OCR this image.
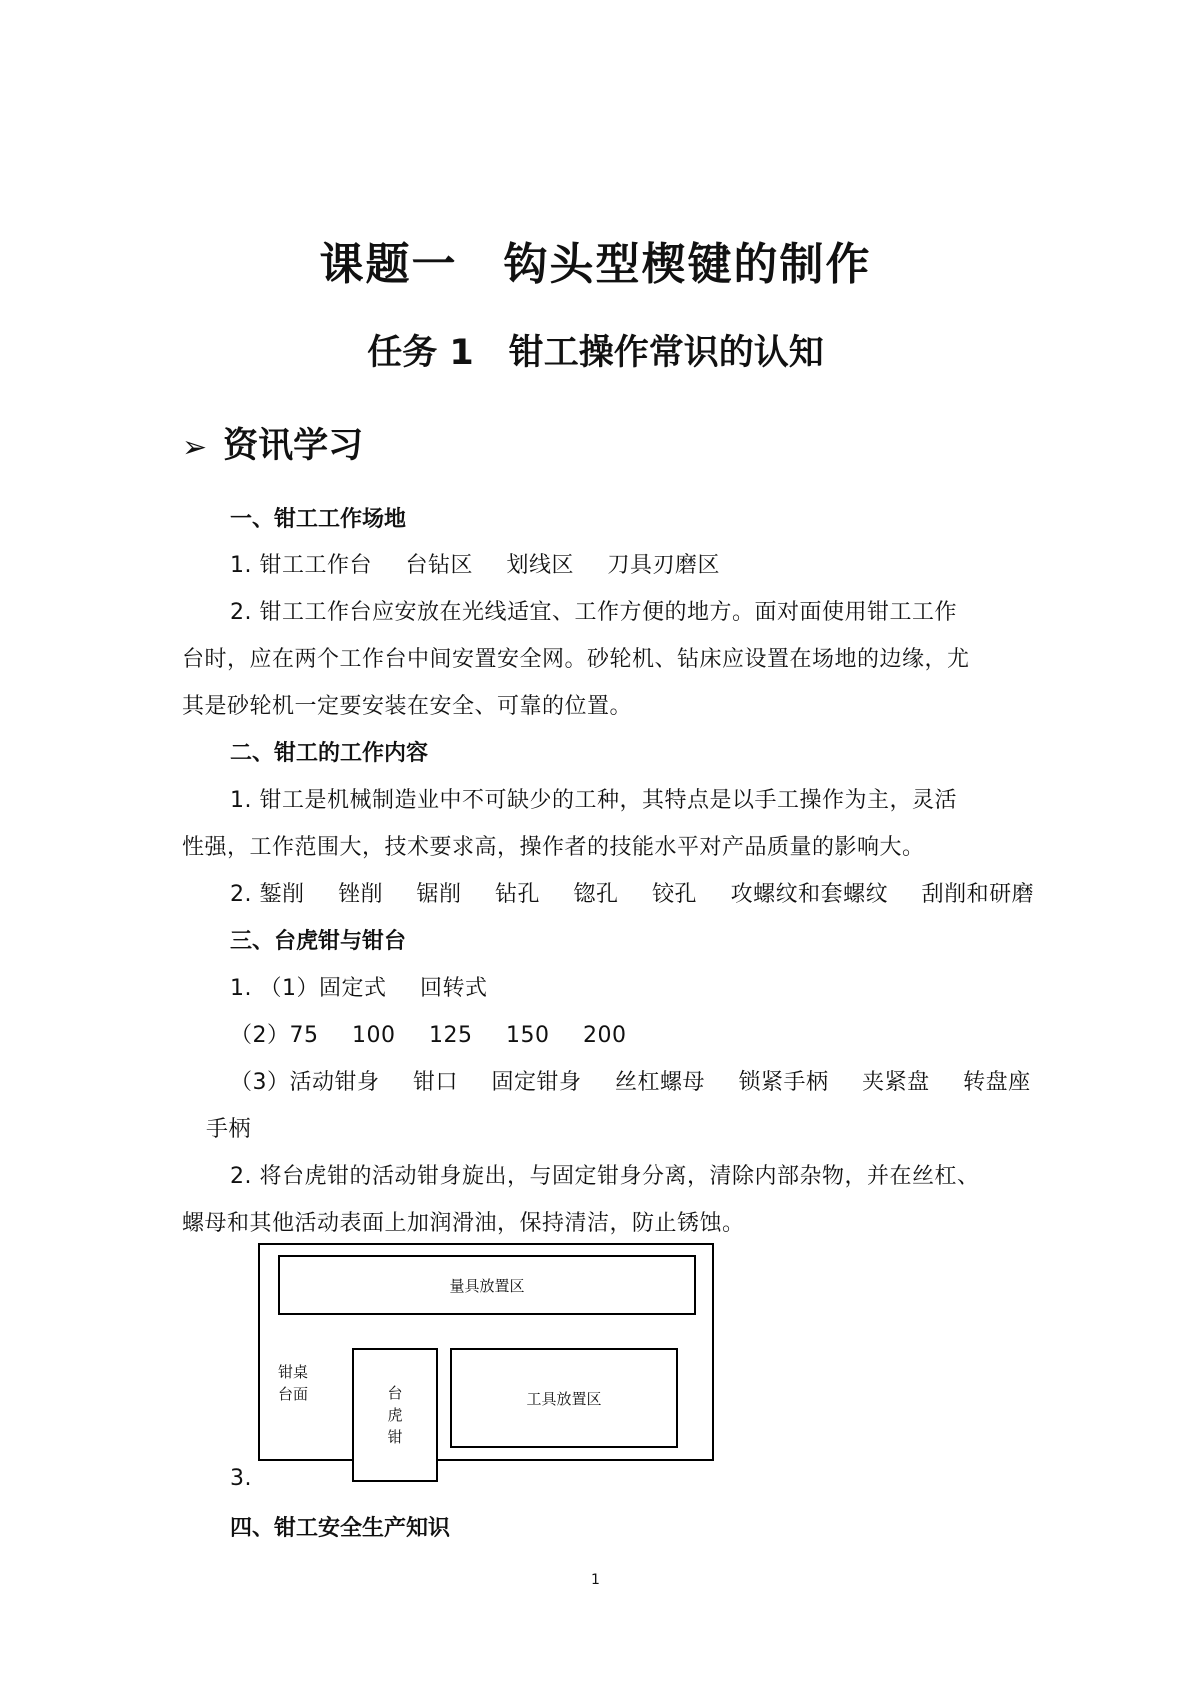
课题一　钩头型楔键的制作
任务 1　钳工操作常识的认知
➢ 资讯学习
一、钳工工作场地
1. 钳工工作台 台钻区 划线区 刀具刃磨区
2. 钳工工作台应安放在光线适宜、工作方便的地方。面对面使用钳工工作
台时，应在两个工作台中间安置安全网。砂轮机、钻床应设置在场地的边缘，尤
其是砂轮机一定要安装在安全、可靠的位置。
二、钳工的工作内容
1. 钳工是机械制造业中不可缺少的工种，其特点是以手工操作为主，灵活
性强，工作范围大，技术要求高，操作者的技能水平对产品质量的影响大。
2. 錾削 锉削 锯削 钻孔 锪孔 铰孔 攻螺纹和套螺纹 刮削和研磨
三、台虎钳与钳台
1. （1）固定式 回转式
（2）75 100 125 150 200
（3）活动钳身 钳口 固定钳身 丝杠螺母 锁紧手柄 夹紧盘 转盘座
手柄
2. 将台虎钳的活动钳身旋出，与固定钳身分离，清除内部杂物，并在丝杠、
螺母和其他活动表面上加润滑油，保持清洁，防止锈蚀。
量具放置区
钳桌
台面	工具放置区
台
虎
钳
3.
四、钳工安全生产知识
1
